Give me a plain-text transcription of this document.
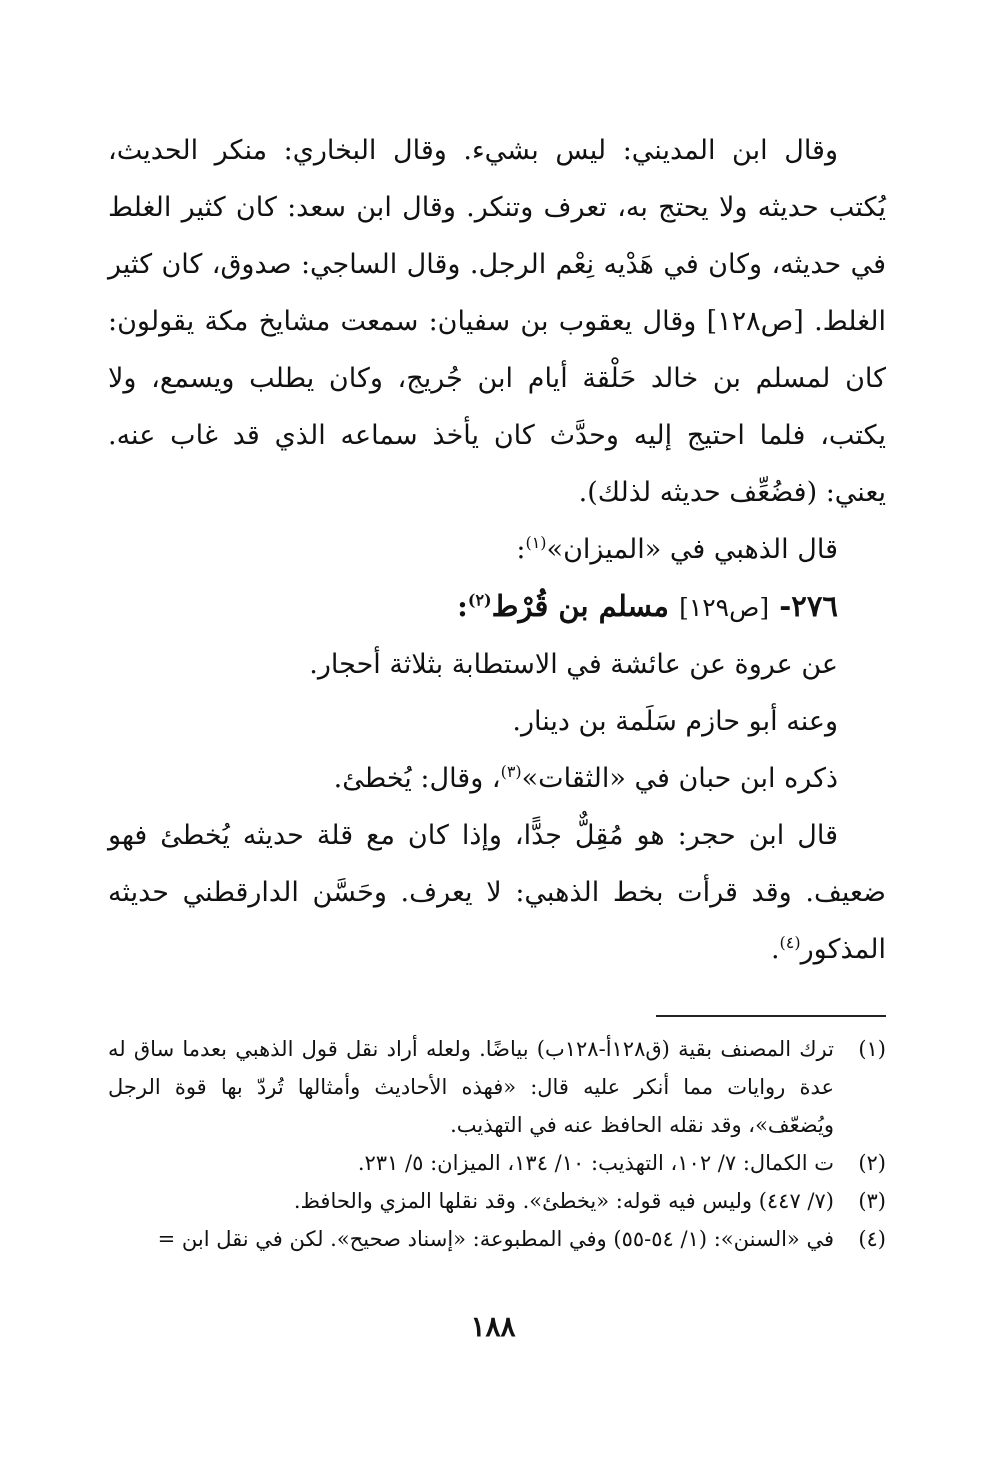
وقال ابن المديني: ليس بشيء. وقال البخاري: منكر الحديث، يُكتب حديثه ولا يحتج به، تعرف وتنكر. وقال ابن سعد: كان كثير الغلط في حديثه، وكان في هَدْيه نِعْم الرجل. وقال الساجي: صدوق، كان كثير الغلط. [ص١٢٨] وقال يعقوب بن سفيان: سمعت مشايخ مكة يقولون: كان لمسلم بن خالد حَلْقة أيام ابن جُريج، وكان يطلب ويسمع، ولا يكتب، فلما احتيج إليه وحدَّث كان يأخذ سماعه الذي قد غاب عنه. يعني: (فضُعِّف حديثه لذلك).

قال الذهبي في «الميزان»$^{(١)}$:

٢٧٦- [ص١٢٩] مسلم بن قُرْط$^{(٢)}$:

عن عروة عن عائشة في الاستطابة بثلاثة أحجار.

وعنه أبو حازم سَلَمة بن دينار.

ذكره ابن حبان في «الثقات»$^{(٣)}$، وقال: يُخطئ.

قال ابن حجر: هو مُقِلٌّ جدًّا، وإذا كان مع قلة حديثه يُخطئ فهو ضعيف. وقد قرأت بخط الذهبي: لا يعرف. وحَسَّن الدارقطني حديثه المذكور$^{(٤)}$.

(١)
ترك المصنف بقية (ق١٢٨أ-١٢٨ب) بياضًا. ولعله أراد نقل قول الذهبي بعدما ساق له عدة روايات مما أنكر عليه قال: «فهذه الأحاديث وأمثالها تُردّ بها قوة الرجل ويُضعّف»، وقد نقله الحافظ عنه في التهذيب.

(٢)
ت الكمال: ٧/ ١٠٢، التهذيب: ١٠/ ١٣٤، الميزان: ٥/ ٢٣١.

(٣)
(٧/ ٤٤٧) وليس فيه قوله: «يخطئ». وقد نقلها المزي والحافظ.

(٤)
في «السنن»: (١/ ٥٤-٥٥) وفي المطبوعة: «إسناد صحيح». لكن في نقل ابن =

١٨٨
